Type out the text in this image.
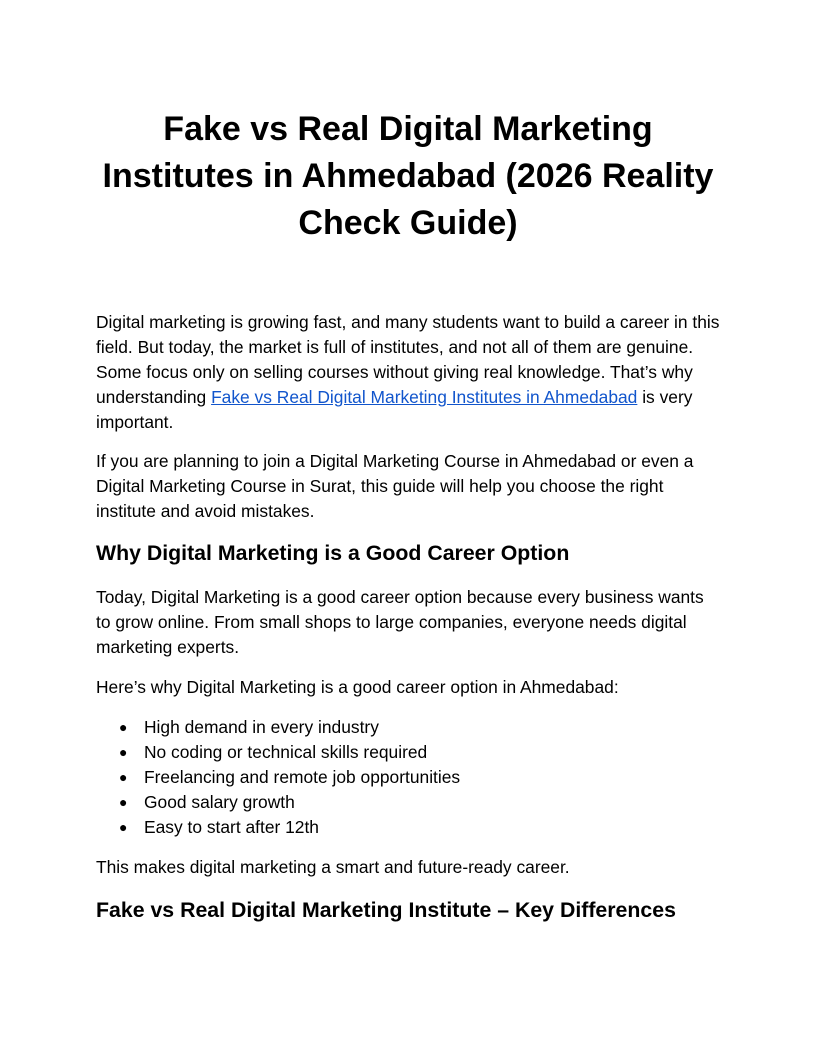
Fake vs Real Digital Marketing Institutes in Ahmedabad (2026 Reality Check Guide)

Digital marketing is growing fast, and many students want to build a career in this field. But today, the market is full of institutes, and not all of them are genuine. Some focus only on selling courses without giving real knowledge. That’s why understanding Fake vs Real Digital Marketing Institutes in Ahmedabad is very important.

If you are planning to join a Digital Marketing Course in Ahmedabad or even a Digital Marketing Course in Surat, this guide will help you choose the right institute and avoid mistakes.

Why Digital Marketing is a Good Career Option

Today, Digital Marketing is a good career option because every business wants to grow online. From small shops to large companies, everyone needs digital marketing experts.

Here’s why Digital Marketing is a good career option in Ahmedabad:

● High demand in every industry
● No coding or technical skills required
● Freelancing and remote job opportunities
● Good salary growth
● Easy to start after 12th

This makes digital marketing a smart and future-ready career.

Fake vs Real Digital Marketing Institute – Key Differences
